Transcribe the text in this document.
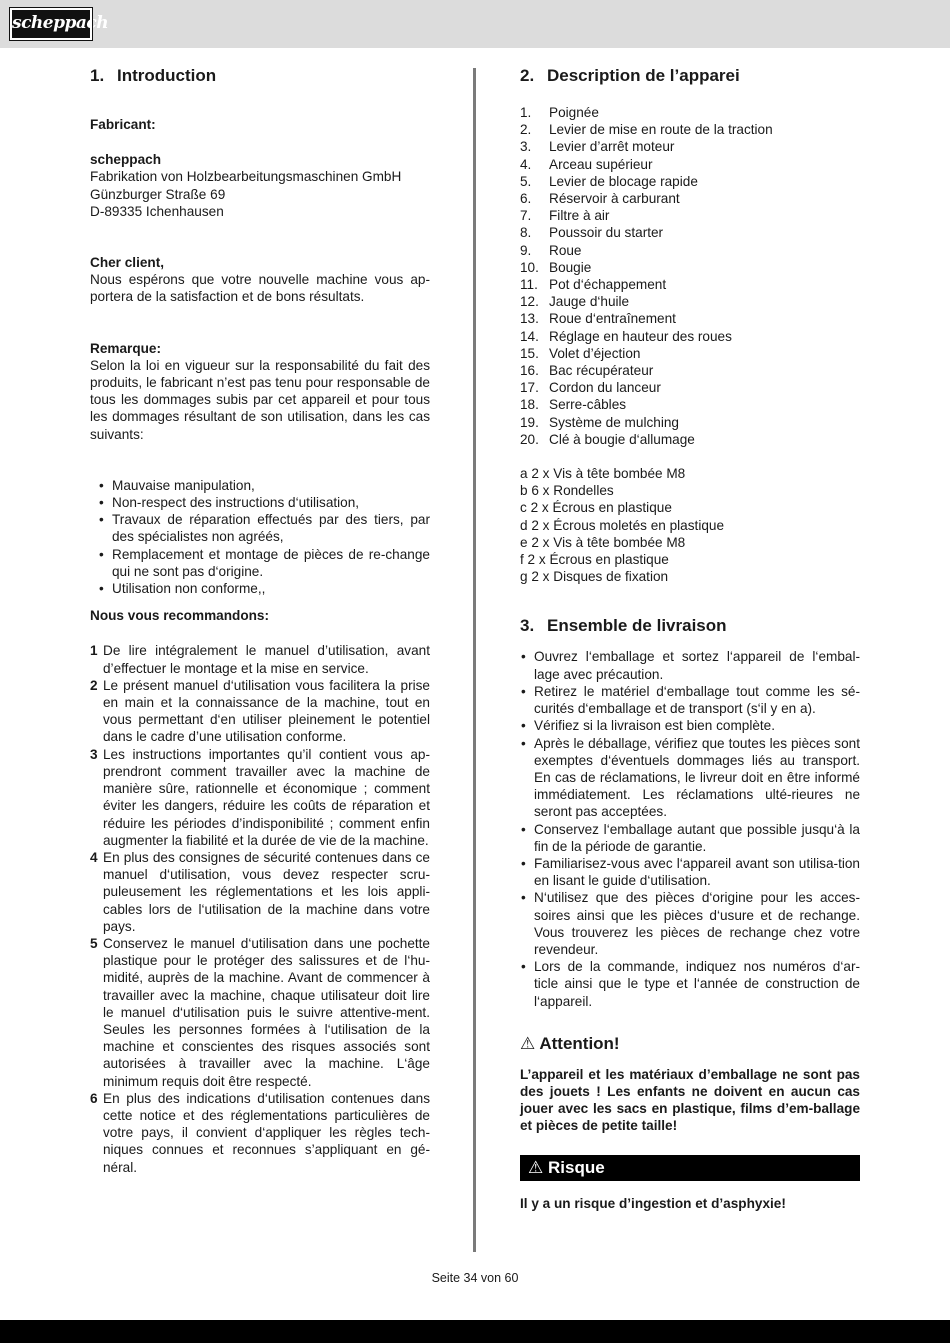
scheppach
1. Introduction

Fabricant:

scheppach

Fabrikation von Holzbearbeitungsmaschinen GmbH

Günzburger Straße 69

D-89335 Ichenhausen

Cher client,

Nous espérons que votre nouvelle machine vous ap-portera de la satisfaction et de bons résultats.

Remarque:

Selon la loi en vigueur sur la responsabilité du fait des produits, le fabricant n’est pas tenu pour responsable de tous les dommages subis par cet appareil et pour tous les dommages résultant de son utilisation, dans les cas suivants:

• Mauvaise manipulation,
• Non-respect des instructions d‘utilisation,
• Travaux de réparation effectués par des tiers, par des spécialistes non agréés,
• Remplacement et montage de pièces de re-change qui ne sont pas d‘origine.
• Utilisation non conforme,,

Nous vous recommandons:

1 De lire intégralement le manuel d’utilisation, avant d’effectuer le montage et la mise en service.
2 Le présent manuel d‘utilisation vous facilitera la prise en main et la connaissance de la machine, tout en vous permettant d‘en utiliser pleinement le potentiel dans le cadre d’une utilisation conforme.
3 Les instructions importantes qu’il contient vous ap-prendront comment travailler avec la machine de manière sûre, rationnelle et économique ; comment éviter les dangers, réduire les coûts de réparation et réduire les périodes d’indisponibilité ; comment enfin augmenter la fiabilité et la durée de vie de la machine.
4 En plus des consignes de sécurité contenues dans ce manuel d‘utilisation, vous devez respecter scru-puleusement les réglementations et les lois appli-cables lors de l‘utilisation de la machine dans votre pays.
5 Conservez le manuel d‘utilisation dans une pochette plastique pour le protéger des salissures et de l‘hu-midité, auprès de la machine. Avant de commencer à travailler avec la machine, chaque utilisateur doit lire le manuel d‘utilisation puis le suivre attentive-ment. Seules les personnes formées à l‘utilisation de la machine et conscientes des risques associés sont autorisées à travailler avec la machine. L‘âge minimum requis doit être respecté.
6 En plus des indications d‘utilisation contenues dans cette notice et des réglementations particulières de votre pays, il convient d‘appliquer les règles tech-niques connues et reconnues s’appliquant en gé-néral.
2. Description de l’apparei
1. Poignée
2. Levier de mise en route de la traction
3. Levier d’arrêt moteur
4. Arceau supérieur
5. Levier de blocage rapide
6. Réservoir à carburant
7. Filtre à air
8. Poussoir du starter
9. Roue
10. Bougie
11. Pot d‘échappement
12. Jauge d‘huile
13. Roue d‘entraînement
14. Réglage en hauteur des roues
15. Volet d’éjection
16. Bac récupérateur
17. Cordon du lanceur
18. Serre-câbles
19. Système de mulching
20. Clé à bougie d‘allumage

a 2 x Vis à tête bombée M8

b 6 x Rondelles

c 2 x Écrous en plastique

d 2 x Écrous moletés en plastique

e 2 x Vis à tête bombée M8

f 2 x Écrous en plastique

g 2 x Disques de fixation

3. Ensemble de livraison
• Ouvrez l‘emballage et sortez l‘appareil de l‘embal-lage avec précaution.
• Retirez le matériel d‘emballage tout comme les sé-curités d‘emballage et de transport (s‘il y en a).
• Vérifiez si la livraison est bien complète.
• Après le déballage, vérifiez que toutes les pièces sont exemptes d‘éventuels dommages liés au transport. En cas de réclamations, le livreur doit en être informé immédiatement. Les réclamations ulté-rieures ne seront pas acceptées.
• Conservez l‘emballage autant que possible jusqu‘à la fin de la période de garantie.
• Familiarisez-vous avec l‘appareil avant son utilisa-tion en lisant le guide d‘utilisation.
• N‘utilisez que des pièces d‘origine pour les acces-soires ainsi que les pièces d‘usure et de rechange. Vous trouverez les pièces de rechange chez votre revendeur.
• Lors de la commande, indiquez nos numéros d‘ar-ticle ainsi que le type et l‘année de construction de l‘appareil.
⚠ Attention!

L’appareil et les matériaux d’emballage ne sont pas des jouets ! Les enfants ne doivent en aucun cas jouer avec les sacs en plastique, films d’em-ballage et pièces de petite taille!

⚠ Risque

Il y a un risque d’ingestion et d’asphyxie!

Seite 34 von 60
